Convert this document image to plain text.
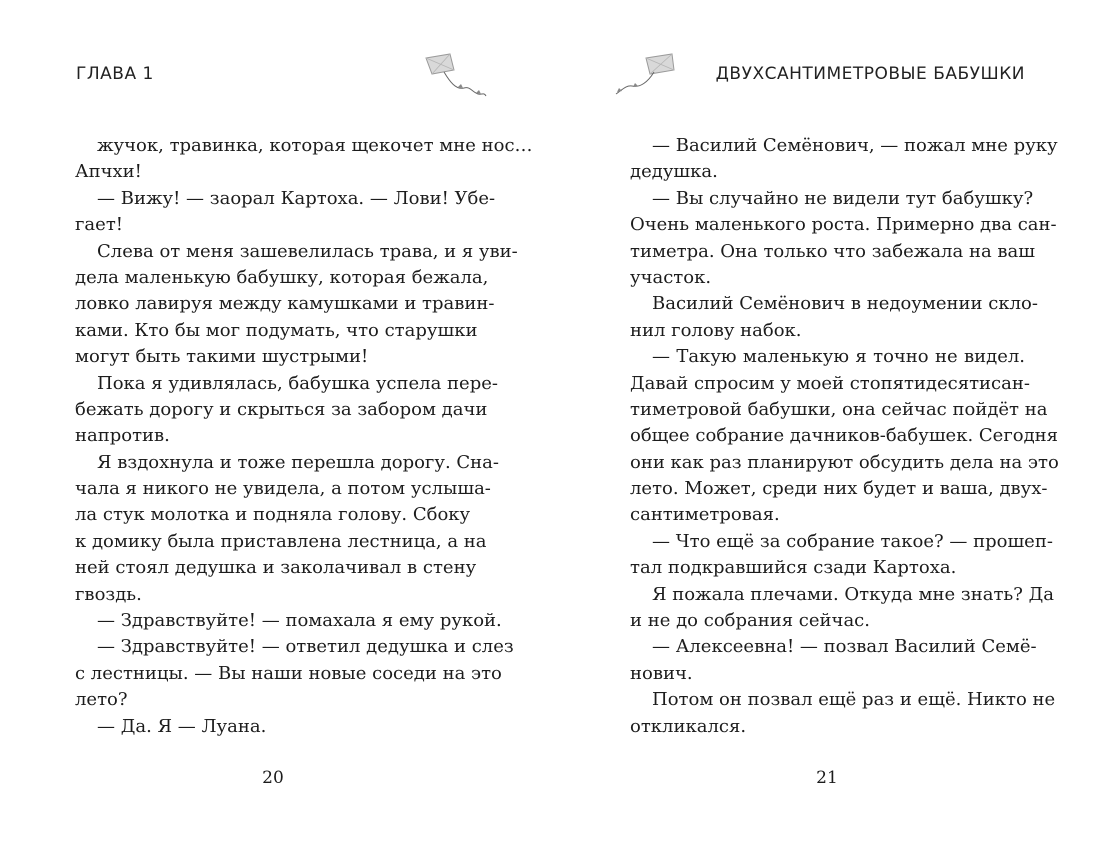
ГЛАВА 1
жучок, травинка, которая щекочет мне нос…
Апчхи!
— Вижу! — заорал Картоха. — Лови! Убе-
гает!
Слева от меня зашевелилась трава, и я уви-
дела маленькую бабушку, которая бежала,
ловко лавируя между камушками и травин-
ками. Кто бы мог подумать, что старушки
могут быть такими шустрыми!
Пока я удивлялась, бабушка успела пере-
бежать дорогу и скрыться за забором дачи
напротив.
Я вздохнула и тоже перешла дорогу. Сна-
чала я никого не увидела, а потом услыша-
ла стук молотка и подняла голову. Сбоку
к домику была приставлена лестница, а на
ней стоял дедушка и заколачивал в стену
гвоздь.
— Здравствуйте! — помахала я ему рукой.
— Здравствуйте! — ответил дедушка и слез
с лестницы. — Вы наши новые соседи на это
лето?
— Да. Я — Луана.
20
ДВУХСАНТИМЕТРОВЫЕ БАБУШКИ
— Василий Семёнович, — пожал мне руку
дедушка.
— Вы случайно не видели тут бабушку?
Очень маленького роста. Примерно два сан-
тиметра. Она только что забежала на ваш
участок.
Василий Семёнович в недоумении скло-
нил голову набок.
— Такую маленькую я точно не видел.
Давай спросим у моей стопятидесятисан-
тиметровой бабушки, она сейчас пойдёт на
общее собрание дачников-бабушек. Сегодня
они как раз планируют обсудить дела на это
лето. Может, среди них будет и ваша, двух-
сантиметровая.
— Что ещё за собрание такое? — прошеп-
тал подкравшийся сзади Картоха.
Я пожала плечами. Откуда мне знать? Да
и не до собрания сейчас.
— Алексеевна! — позвал Василий Семё-
нович.
Потом он позвал ещё раз и ещё. Никто не
откликался.
21
